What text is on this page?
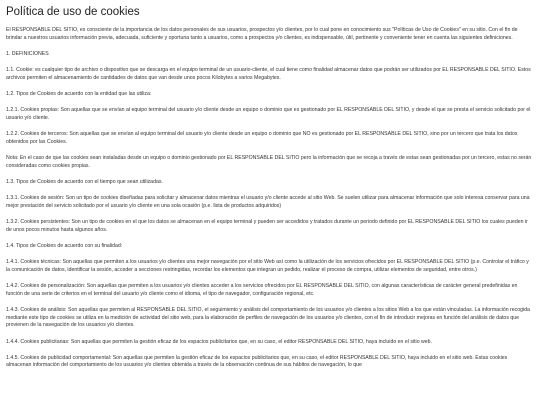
Política de uso de cookies

El RESPONSABLE DEL SITIO, es consciente de la importancia de los datos personales de sus usuarios, prospectos y/o clientes, por lo cual pone en conocimiento sus "Políticas de Uso de Cookies" en su sitio. Con el fin de brindar a nuestros usuarios información previa, adecuada, suficiente y oportuna tanto a usuarios, como a prospectos y/o clientes, es indispensable, útil, pertinente y conveniente tener en cuenta las siguientes definiciones.

1. DEFINICIONES

1.1. Cookie: es cualquier tipo de archivo o dispositivo que se descarga en el equipo terminal de un usuario-cliente, el cual tiene como finalidad almacenar datos que podrán ser utilizados por EL RESPONSABLE DEL SITIO. Estos archivos permiten el almacenamiento de cantidades de datos que van desde unos pocos Kilobytes a varios Megabytes.

1.2. Tipos de Cookies de acuerdo con la entidad que las utiliza:

1.2.1. Cookies propias: Son aquellas que se envían al equipo terminal del usuario y/o cliente desde un equipo o dominio que es gestionado por EL RESPONSABLE DEL SITIO, y desde el que se presta el servicio solicitado por el usuario y/o cliente.

1.2.2. Cookies de terceros: Son aquellas que se envían al equipo terminal del usuario y/o cliente desde un equipo o dominio que NO es gestionado por EL RESPONSABLE DEL SITIO, sino por un tercero que trata los datos obtenidos por las Cookies.

Nota: En el caso de que las cookies sean instaladas desde un equipo o dominio gestionado por EL RESPONSABLE DEL SITIO pero la información que se recoja a través de estas sean gestionadas por un tercero, estas no serán consideradas como cookies propias.

1.3. Tipos de Cookies de acuerdo con el tiempo que sean utilizadas.

1.3.1. Cookies de sesión: Son un tipo de cookies diseñadas para solicitar y almacenar datos mientras el usuario y/o cliente accede al sitio Web. Se suelen utilizar para almacenar información que solo interesa conservar para una mejor prestación del servicio solicitado por el usuario y/o cliente en una sola ocasión (p.e. lista de productos adquiridos)

1.3.2. Cookies persistentes: Son un tipo de cookies en el que los datos se almacenan en el equipo terminal y pueden ser accedidos y tratados durante un periodo definido por EL RESPONSABLE DEL SITIO los cuales pueden ir de unos pocos minutos hasta algunos años.

1.4. Tipos de Cookies de acuerdo con su finalidad:

1.4.1. Cookies técnicas: Son aquellas que permiten a los usuarios y/o clientes una mejor navegación por el sitio Web así como la utilización de los servicios ofrecidos por EL RESPONSABLE DEL SITIO (p.e. Controlar el tráfico y la comunicación de datos, identificar la sesión, acceder a secciones restringidas, recordar los elementos que integran un pedido, realizar el proceso de compra, utilizar elementos de seguridad, entre otros.)

1.4.2. Cookies de personalización: Son aquellas que permiten a los usuarios y/o clientes acceder a los servicios ofrecidos por EL RESPONSABLE DEL SITIO, con algunas características de carácter general predefinidas en función de una serie de criterios en el terminal del usuario y/o cliente como el idioma, el tipo de navegador, configuración regional, etc.

1.4.3. Cookies de análisis: Son aquellas que permiten al RESPONSABLE DEL SITIO, el seguimiento y análisis del comportamiento de los usuarios y/o clientes a los sitios Web a los que están vinculadas. La información recogida mediante este tipo de cookies se utiliza en la medición de actividad del sitio web, para la elaboración de perfiles de navegación de los usuarios y/o clientes, con el fin de introducir mejoras en función del análisis de datos que provienen de la navegación de los usuarios y/o clientes.

1.4.4. Cookies publicitarias: Son aquellas que permiten la gestión eficaz de los espacios publicitarios que, en su caso, el editor RESPONSABLE DEL SITIO, haya incluido en el sitio web.

1.4.5. Cookies de publicidad comportamental: Son aquellas que permiten la gestión eficaz de los espacios publicitarios que, en su caso, el editor RESPONSABLE DEL SITIO, haya incluido en el sitio web. Estas cookies almacenan información del comportamiento de los usuarios y/o clientes obtenida a través de la observación continua de sus hábitos de navegación, lo que
